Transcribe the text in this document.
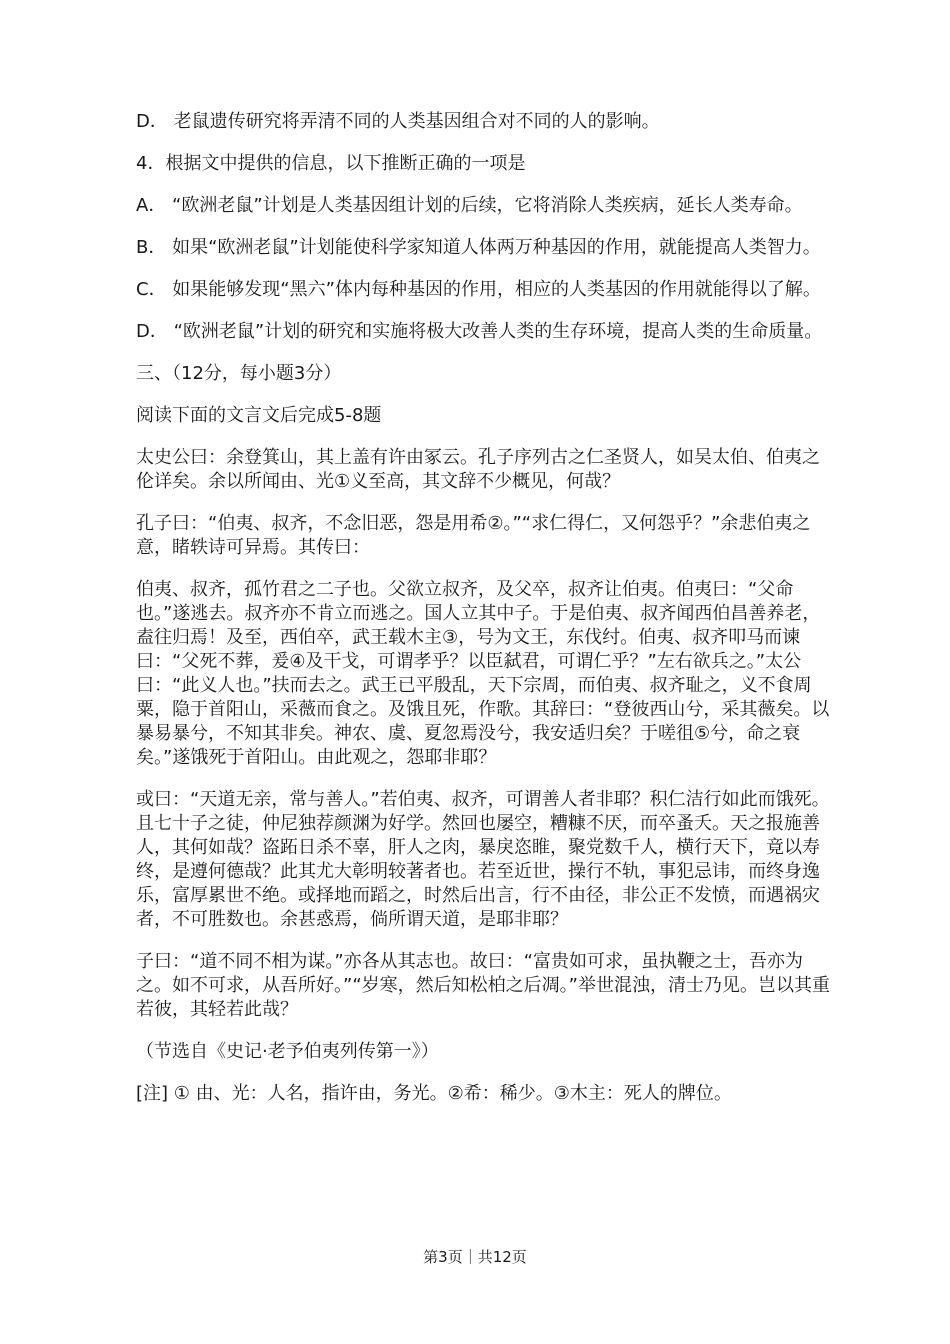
D． 老鼠遗传研究将弄清不同的人类基因组合对不同的人的影响。

4．根据文中提供的信息，以下推断正确的一项是

A． “欧洲老鼠”计划是人类基因组计划的后续，它将消除人类疾病，延长人类寿命。

B． 如果“欧洲老鼠”计划能使科学家知道人体两万种基因的作用，就能提高人类智力。

C． 如果能够发现“黑六”体内每种基因的作用，相应的人类基因的作用就能得以了解。

D． “欧洲老鼠”计划的研究和实施将极大改善人类的生存环境，提高人类的生命质量。

三、（12分，每小题3分）

阅读下面的文言文后完成5-8题

太史公曰：余登箕山，其上盖有许由冢云。孔子序列古之仁圣贤人，如吴太伯、伯夷之伦详矣。余以所闻由、光①义至高，其文辞不少概见，何哉？

孔子曰：“伯夷、叔齐，不念旧恶，怨是用希②。”“求仁得仁，又何怨乎？”余悲伯夷之意，睹轶诗可异焉。其传曰：

伯夷、叔齐，孤竹君之二子也。父欲立叔齐，及父卒，叔齐让伯夷。伯夷曰：“父命也。”遂逃去。叔齐亦不肯立而逃之。国人立其中子。于是伯夷、叔齐闻西伯昌善养老，盍往归焉！及至，西伯卒，武王载木主③，号为文王，东伐纣。伯夷、叔齐叩马而谏曰：“父死不葬，爰④及干戈，可谓孝乎？以臣弑君，可谓仁乎？”左右欲兵之。”太公曰：“此义人也。”扶而去之。武王已平殷乱，天下宗周，而伯夷、叔齐耻之，义不食周粟，隐于首阳山，采薇而食之。及饿且死，作歌。其辞曰：“登彼西山兮，采其薇矣。以暴易暴兮，不知其非矣。神农、虞、夏忽焉没兮，我安适归矣？于嗟徂⑤兮，命之衰矣。”遂饿死于首阳山。由此观之，怨耶非耶？

或曰：“天道无亲，常与善人。”若伯夷、叔齐，可谓善人者非耶？积仁洁行如此而饿死。且七十子之徒，仲尼独荐颜渊为好学。然回也屡空，糟糠不厌，而卒蚤夭。天之报施善人，其何如哉？盗跖日杀不辜，肝人之肉，暴戾恣睢，聚党数千人，横行天下，竟以寿终，是遵何德哉？此其尤大彰明较著者也。若至近世，操行不轨，事犯忌讳，而终身逸乐，富厚累世不绝。或择地而蹈之，时然后出言，行不由径，非公正不发愤，而遇祸灾者，不可胜数也。余甚惑焉，倘所谓天道，是耶非耶？

子曰：“道不同不相为谋。”亦各从其志也。故曰：“富贵如可求，虽执鞭之士，吾亦为之。如不可求，从吾所好。”“岁寒，然后知松柏之后凋。”举世混浊，清士乃见。岂以其重若彼，其轻若此哉？

（节选自《史记·老予伯夷列传第一》）

[注] ① 由、光：人名，指许由，务光。②希：稀少。③木主：死人的牌位。

第3页｜共12页
